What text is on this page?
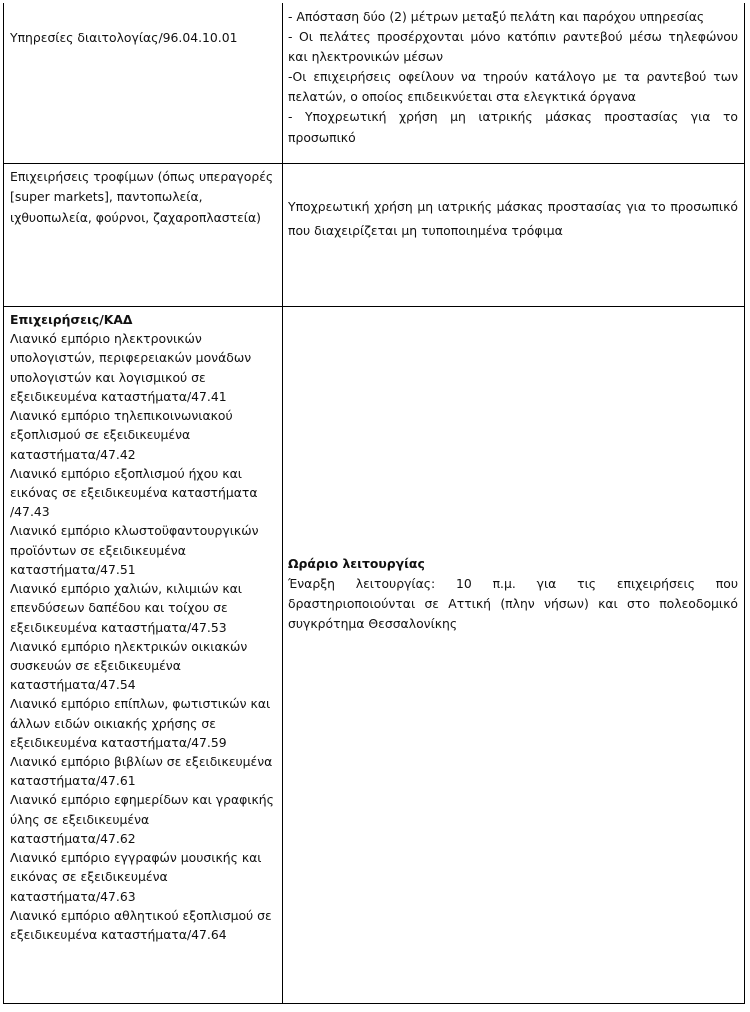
Υπηρεσίες διαιτολογίας/96.04.10.01

- Απόσταση δύο (2) μέτρων μεταξύ πελάτη και παρόχου υπηρεσίας

- Οι πελάτες προσέρχονται μόνο κατόπιν ραντεβού μέσω τηλεφώνου και ηλεκτρονικών μέσων

-Οι επιχειρήσεις οφείλουν να τηρούν κατάλογο με τα ραντεβού των πελατών, ο οποίος επιδεικνύεται στα ελεγκτικά όργανα

- Υποχρεωτική χρήση μη ιατρικής μάσκας προστασίας για το προσωπικό

Επιχειρήσεις τροφίμων (όπως υπεραγορές [super markets], παντοπωλεία, ιχθυοπωλεία, φούρνοι, ζαχαροπλαστεία)

Υποχρεωτική χρήση μη ιατρικής μάσκας προστασίας για το προσωπικό που διαχειρίζεται μη τυποποιημένα τρόφιμα

Επιχειρήσεις/ΚΑΔ

Λιανικό εμπόριο ηλεκτρονικών υπολογιστών, περιφερειακών μονάδων υπολογιστών και λογισμικού σε εξειδικευμένα καταστήματα/47.41

Λιανικό εμπόριο τηλεπικοινωνιακού εξοπλισμού σε εξειδικευμένα καταστήματα/47.42

Λιανικό εμπόριο εξοπλισμού ήχου και εικόνας σε εξειδικευμένα καταστήματα /47.43

Λιανικό εμπόριο κλωστοϋφαντουργικών προϊόντων σε εξειδικευμένα καταστήματα/47.51

Λιανικό εμπόριο χαλιών, κιλιμιών και επενδύσεων δαπέδου και τοίχου σε εξειδικευμένα καταστήματα/47.53

Λιανικό εμπόριο ηλεκτρικών οικιακών συσκευών σε εξειδικευμένα καταστήματα/47.54

Λιανικό εμπόριο επίπλων, φωτιστικών και άλλων ειδών οικιακής χρήσης σε εξειδικευμένα καταστήματα/47.59

Λιανικό εμπόριο βιβλίων σε εξειδικευμένα καταστήματα/47.61

Λιανικό εμπόριο εφημερίδων και γραφικής ύλης σε εξειδικευμένα καταστήματα/47.62

Λιανικό εμπόριο εγγραφών μουσικής και εικόνας σε εξειδικευμένα καταστήματα/47.63

Λιανικό εμπόριο αθλητικού εξοπλισμού σε εξειδικευμένα καταστήματα/47.64

Ωράριο λειτουργίας

Έναρξη λειτουργίας: 10 π.μ. για τις επιχειρήσεις που δραστηριοποιούνται σε Αττική (πλην νήσων) και στο πολεοδομικό συγκρότημα Θεσσαλονίκης
